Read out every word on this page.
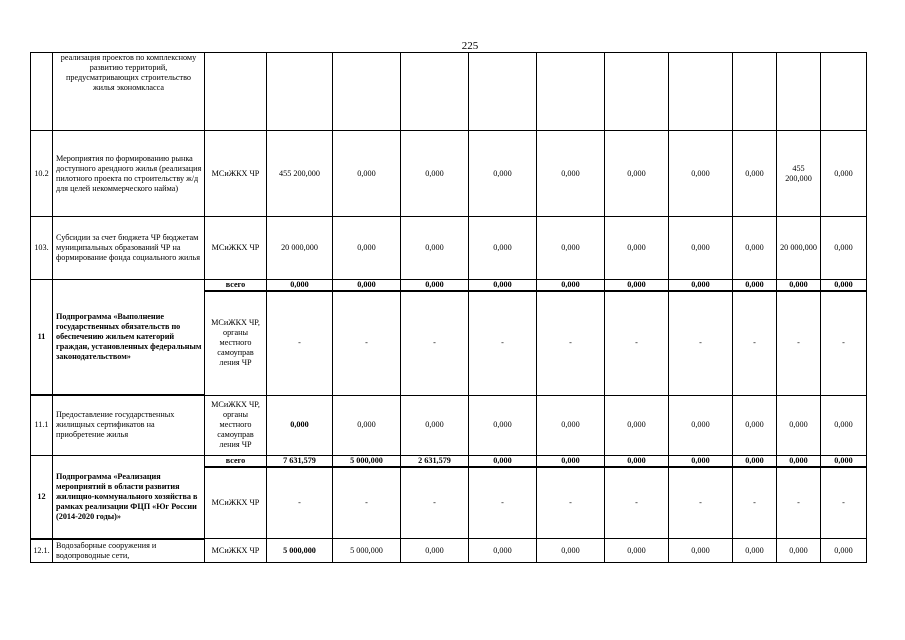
225
	реализация проектов по комплексному развитию территорий, предусматривающих строительство жилья экономкласса											
10.2	Мероприятия по формированию рынка доступного арендного жилья (реализация пилотного проекта по строительству ж/д для целей некоммерческого найма)	МСиЖКХ ЧР	455 200,000	0,000	0,000	0,000	0,000	0,000	0,000	0,000	455 200,000	0,000
103.	Субсидии за счет бюджета ЧР бюджетам муниципальных образований ЧР на формирование фонда социального жилья	МСиЖКХ ЧР	20 000,000	0,000	0,000	0,000	0,000	0,000	0,000	0,000	20 000,000	0,000
11	Подпрограмма «Выполнение государственных обязательств по обеспечению жильем категорий граждан, установленных федеральным законодательством»	всего	0,000	0,000	0,000	0,000	0,000	0,000	0,000	0,000	0,000	0,000
		МСиЖКХ ЧР, органы местного самоуправ ления ЧР	-	-	-	-	-	-	-	-	-	-
11.1	Предоставление государственных жилищных сертификатов на приобретение жилья	МСиЖКХ ЧР, органы местного самоуправ ления ЧР	0,000	0,000	0,000	0,000	0,000	0,000	0,000	0,000	0,000	0,000
12	Подпрограмма «Реализация мероприятий в области развития жилищно-коммунального хозяйства в рамках реализации ФЦП «Юг России (2014-2020 годы)»	всего	7 631,579	5 000,000	2 631,579	0,000	0,000	0,000	0,000	0,000	0,000	0,000
		МСиЖКХ ЧР	-	-	-	-	-	-	-	-	-	-
12.1.	Водозаборные сооружения и водопроводные сети,	МСиЖКХ ЧР	5 000,000	5 000,000	0,000	0,000	0,000	0,000	0,000	0,000	0,000	0,000
